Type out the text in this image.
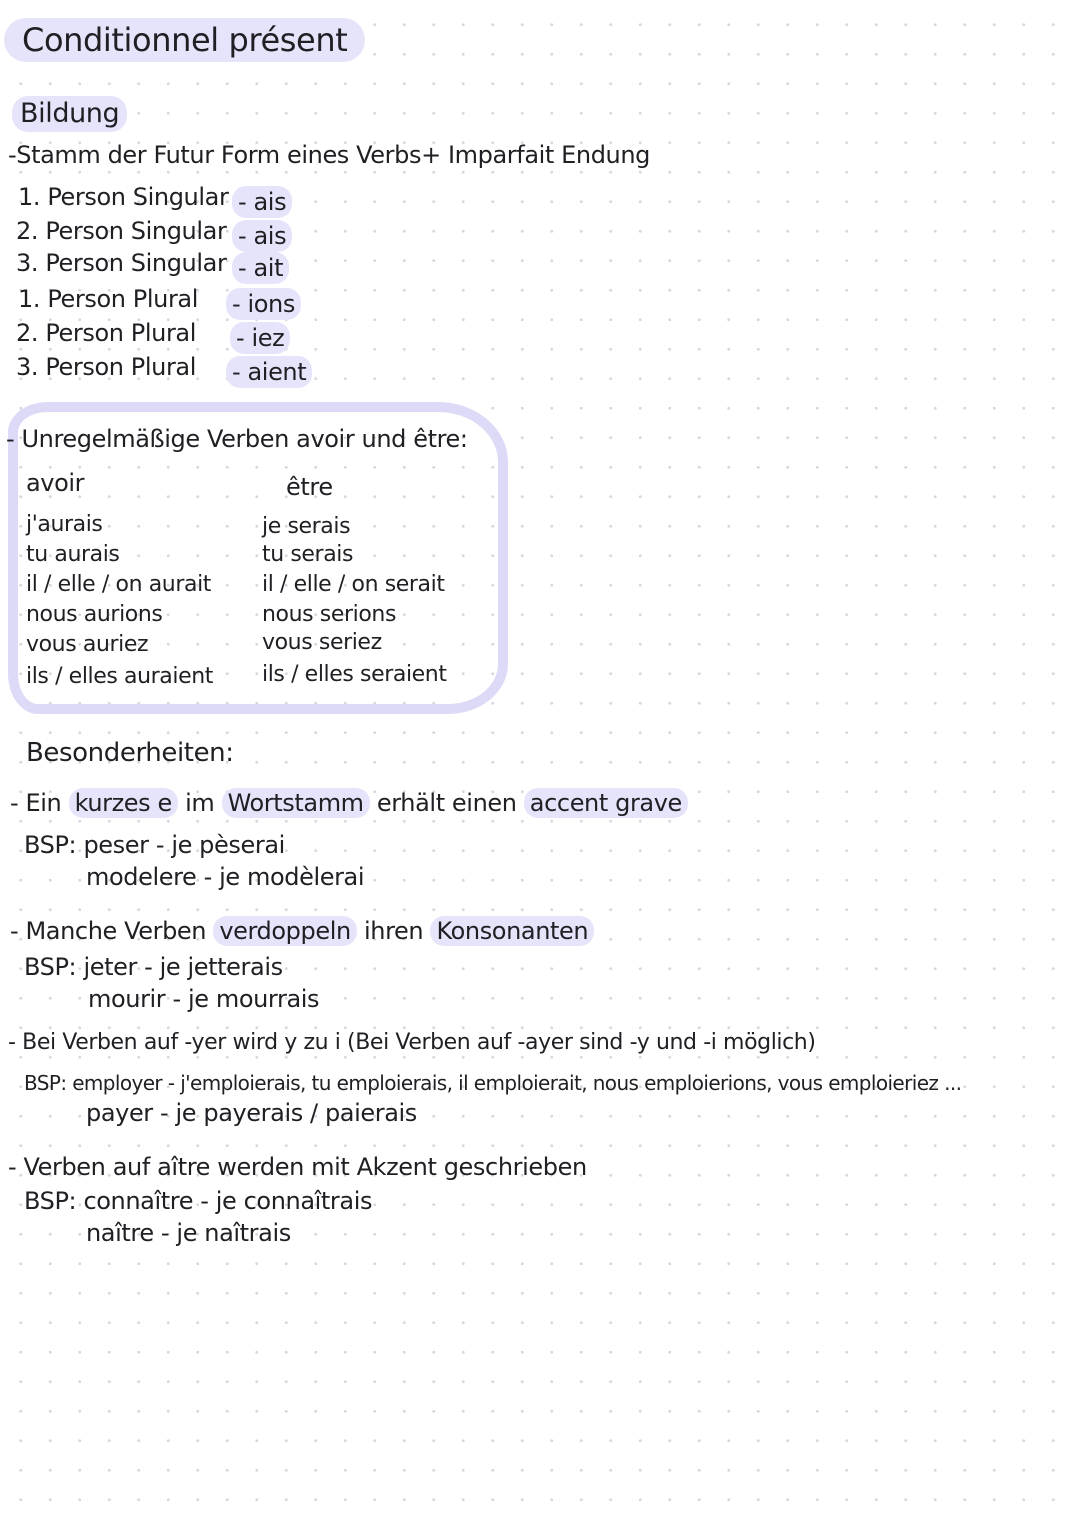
Conditionnel présent
Bildung
-Stamm der Futur Form eines Verbs+ Imparfait Endung
1. Person Singular - ais
2. Person Singular - ais
3. Person Singular - ait
1. Person Plural - ions
2. Person Plural - iez
3. Person Plural - aient
- Unregelmäßige Verben avoir und être:
avoir	être
j'aurais
tu aurais
il / elle / on aurait
nous aurions
vous auriez
ils / elles auraient
je serais
tu serais
il / elle / on serait
nous serions
vous seriez
ils / elles seraient
Besonderheiten:
- Ein kurzes e im Wortstamm erhält einen accent grave
BSP: peser - je pèserai
modelere - je modèlerai
- Manche Verben verdoppeln ihren Konsonanten
BSP: jeter - je jetterais
mourir - je mourrais
- Bei Verben auf -yer wird y zu i (Bei Verben auf -ayer sind -y und -i möglich)
BSP: employer - j'emploierais, tu emploierais, il emploierait, nous emploierions, vous emploieriez ...
payer - je payerais / paierais
- Verben auf aître werden mit Akzent geschrieben
BSP: connaître - je connaîtrais
naître - je naîtrais
